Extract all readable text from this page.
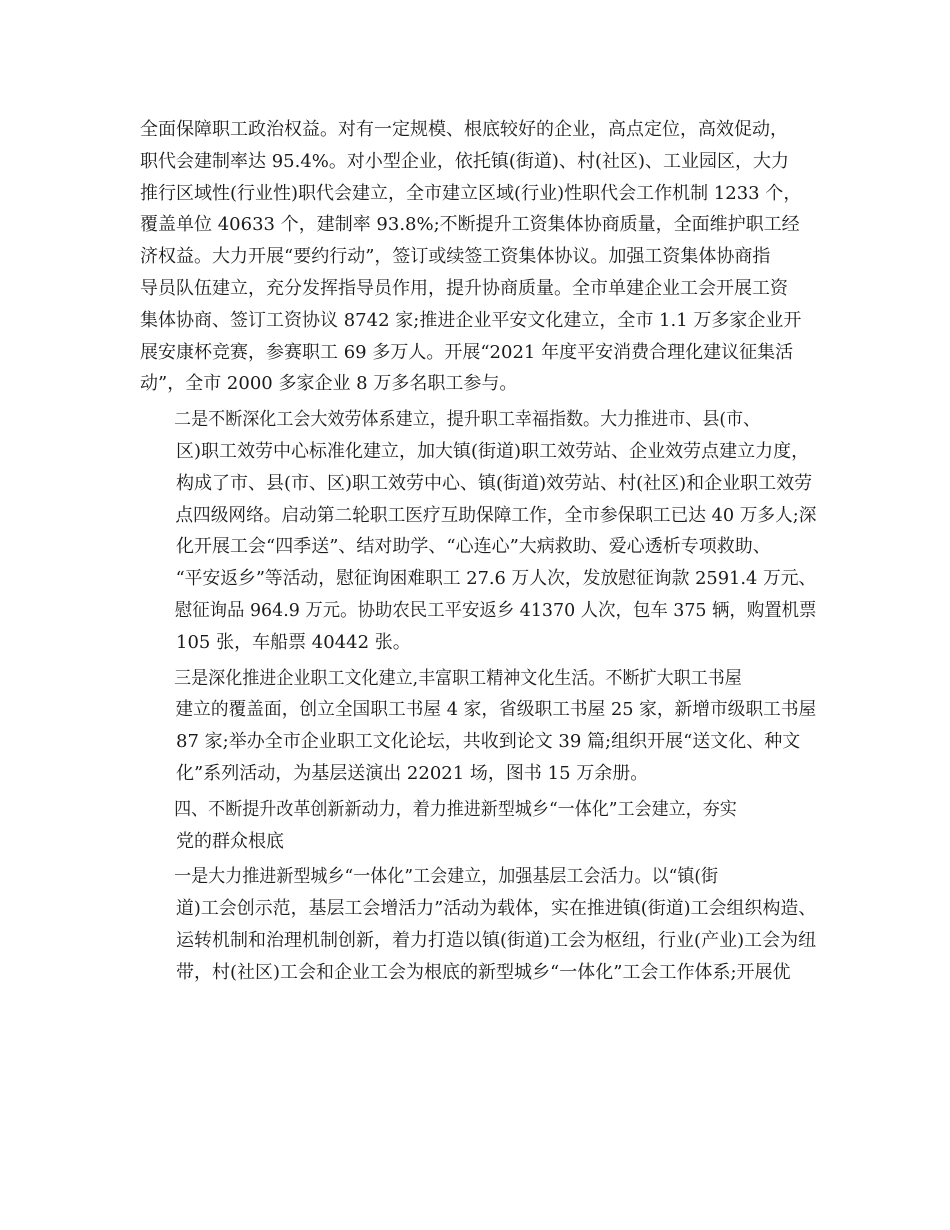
全面保障职工政治权益。对有一定规模、根底较好的企业，高点定位，高效促动，
职代会建制率达 95.4%。对小型企业，依托镇(街道)、村(社区)、工业园区，大力
推行区域性(行业性)职代会建立，全市建立区域(行业)性职代会工作机制 1233 个，
覆盖单位 40633 个，建制率 93.8%;不断提升工资集体协商质量，全面维护职工经
济权益。大力开展“要约行动”，签订或续签工资集体协议。加强工资集体协商指
导员队伍建立，充分发挥指导员作用，提升协商质量。全市单建企业工会开展工资
集体协商、签订工资协议 8742 家;推进企业平安文化建立，全市 1.1 万多家企业开
展安康杯竞赛，参赛职工 69 多万人。开展“2021 年度平安消费合理化建议征集活
动”，全市 2000 多家企业 8 万多名职工参与。
二是不断深化工会大效劳体系建立，提升职工幸福指数。大力推进市、县(市、
区)职工效劳中心标准化建立，加大镇(街道)职工效劳站、企业效劳点建立力度，
构成了市、县(市、区)职工效劳中心、镇(街道)效劳站、村(社区)和企业职工效劳
点四级网络。启动第二轮职工医疗互助保障工作，全市参保职工已达 40 万多人;深
化开展工会“四季送”、结对助学、“心连心”大病救助、爱心透析专项救助、
“平安返乡”等活动，慰征询困难职工 27.6 万人次，发放慰征询款 2591.4 万元、
慰征询品 964.9 万元。协助农民工平安返乡 41370 人次，包车 375 辆，购置机票
105 张，车船票 40442 张。
三是深化推进企业职工文化建立,丰富职工精神文化生活。不断扩大职工书屋
建立的覆盖面，创立全国职工书屋 4 家，省级职工书屋 25 家，新增市级职工书屋
87 家;举办全市企业职工文化论坛，共收到论文 39 篇;组织开展“送文化、种文
化”系列活动，为基层送演出 22021 场，图书 15 万余册。
四、不断提升改革创新新动力，着力推进新型城乡“一体化”工会建立，夯实
党的群众根底
一是大力推进新型城乡“一体化”工会建立，加强基层工会活力。以“镇(街
道)工会创示范，基层工会增活力”活动为载体，实在推进镇(街道)工会组织构造、
运转机制和治理机制创新，着力打造以镇(街道)工会为枢纽，行业(产业)工会为纽
带，村(社区)工会和企业工会为根底的新型城乡“一体化”工会工作体系;开展优
